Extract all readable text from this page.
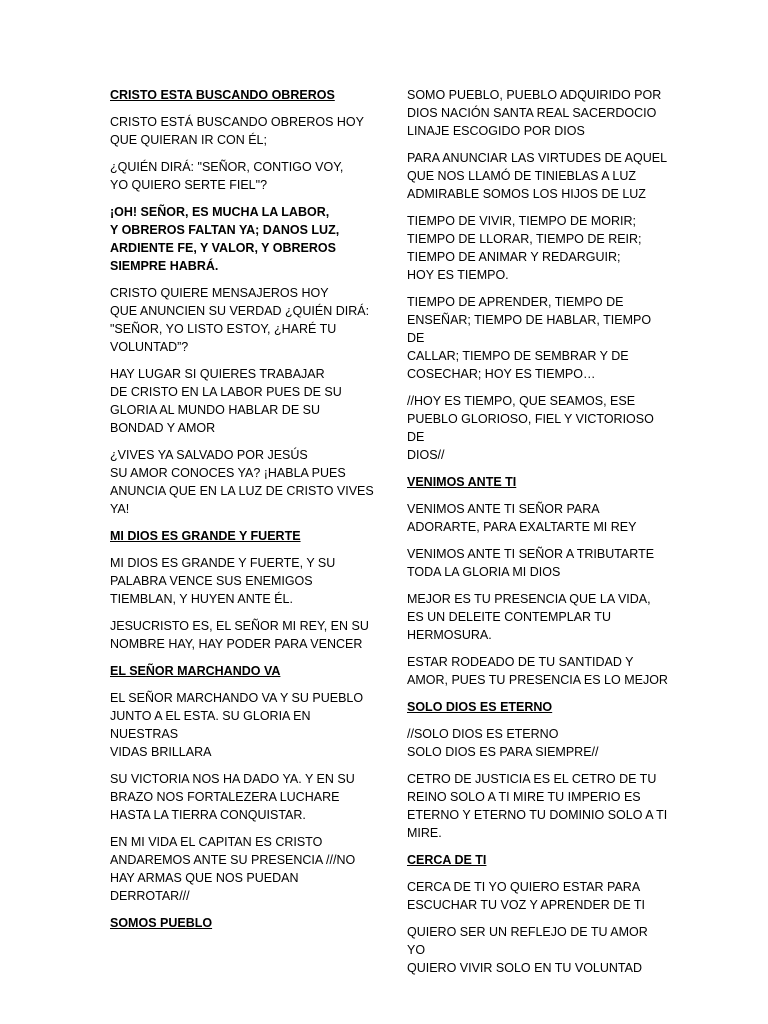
CRISTO ESTA BUSCANDO OBREROS
CRISTO ESTÁ BUSCANDO OBREROS HOY
QUE QUIERAN IR CON ÉL;
¿QUIÉN DIRÁ: "SEÑOR, CONTIGO VOY,
YO QUIERO SERTE FIEL"?
¡OH! SEÑOR, ES MUCHA LA LABOR,
Y OBREROS FALTAN YA; DANOS LUZ,
ARDIENTE FE, Y VALOR, Y OBREROS
SIEMPRE HABRÁ.
CRISTO QUIERE MENSAJEROS HOY
QUE ANUNCIEN SU VERDAD ¿QUIÉN DIRÁ:
"SEÑOR, YO LISTO ESTOY, ¿HARÉ TU
VOLUNTAD”?
HAY LUGAR SI QUIERES TRABAJAR
DE CRISTO EN LA LABOR PUES DE SU
GLORIA AL MUNDO HABLAR DE SU
BONDAD Y AMOR
¿VIVES YA SALVADO POR JESÚS
SU AMOR CONOCES YA? ¡HABLA PUES
ANUNCIA QUE EN LA LUZ DE CRISTO VIVES
YA!
MI DIOS ES GRANDE Y FUERTE
MI DIOS ES GRANDE Y FUERTE, Y SU
PALABRA VENCE SUS ENEMIGOS
TIEMBLAN, Y HUYEN ANTE ÉL.
JESUCRISTO ES, EL SEÑOR MI REY, EN SU
NOMBRE HAY, HAY PODER PARA VENCER
EL SEÑOR MARCHANDO VA
EL SEÑOR MARCHANDO VA Y SU PUEBLO
JUNTO A EL ESTA. SU GLORIA EN NUESTRAS
VIDAS BRILLARA
SU VICTORIA NOS HA DADO YA. Y EN SU
BRAZO NOS FORTALEZERA LUCHARE
HASTA LA TIERRA CONQUISTAR.
EN MI VIDA EL CAPITAN ES CRISTO
ANDAREMOS ANTE SU PRESENCIA ///NO
HAY ARMAS QUE NOS PUEDAN
DERROTAR///
SOMOS PUEBLO
SOMO PUEBLO, PUEBLO ADQUIRIDO POR
DIOS NACIÓN SANTA REAL SACERDOCIO
LINAJE ESCOGIDO POR DIOS
PARA ANUNCIAR LAS VIRTUDES DE AQUEL
QUE NOS LLAMÓ DE TINIEBLAS A LUZ
ADMIRABLE SOMOS LOS HIJOS DE LUZ
TIEMPO DE VIVIR, TIEMPO DE MORIR;
TIEMPO DE LLORAR, TIEMPO DE REIR;
TIEMPO DE ANIMAR Y REDARGUIR;
HOY ES TIEMPO.
TIEMPO DE APRENDER, TIEMPO DE
ENSEÑAR; TIEMPO DE HABLAR, TIEMPO DE
CALLAR; TIEMPO DE SEMBRAR Y DE
COSECHAR; HOY ES TIEMPO…
//HOY ES TIEMPO, QUE SEAMOS, ESE
PUEBLO GLORIOSO, FIEL Y VICTORIOSO DE
DIOS//
VENIMOS ANTE TI
VENIMOS ANTE TI SEÑOR PARA
ADORARTE, PARA EXALTARTE MI REY
VENIMOS ANTE TI SEÑOR A TRIBUTARTE
TODA LA GLORIA MI DIOS
MEJOR ES TU PRESENCIA QUE LA VIDA,
ES UN DELEITE CONTEMPLAR TU
HERMOSURA.
ESTAR RODEADO DE TU SANTIDAD Y
AMOR, PUES TU PRESENCIA ES LO MEJOR
SOLO DIOS ES ETERNO
//SOLO DIOS ES ETERNO
SOLO DIOS ES PARA SIEMPRE//
CETRO DE JUSTICIA ES EL CETRO DE TU
REINO SOLO A TI MIRE TU IMPERIO ES
ETERNO Y ETERNO TU DOMINIO SOLO A TI
MIRE.
CERCA DE TI
CERCA DE TI YO QUIERO ESTAR PARA
ESCUCHAR TU VOZ Y APRENDER DE TI
QUIERO SER UN REFLEJO DE TU AMOR YO
QUIERO VIVIR SOLO EN TU VOLUNTAD
